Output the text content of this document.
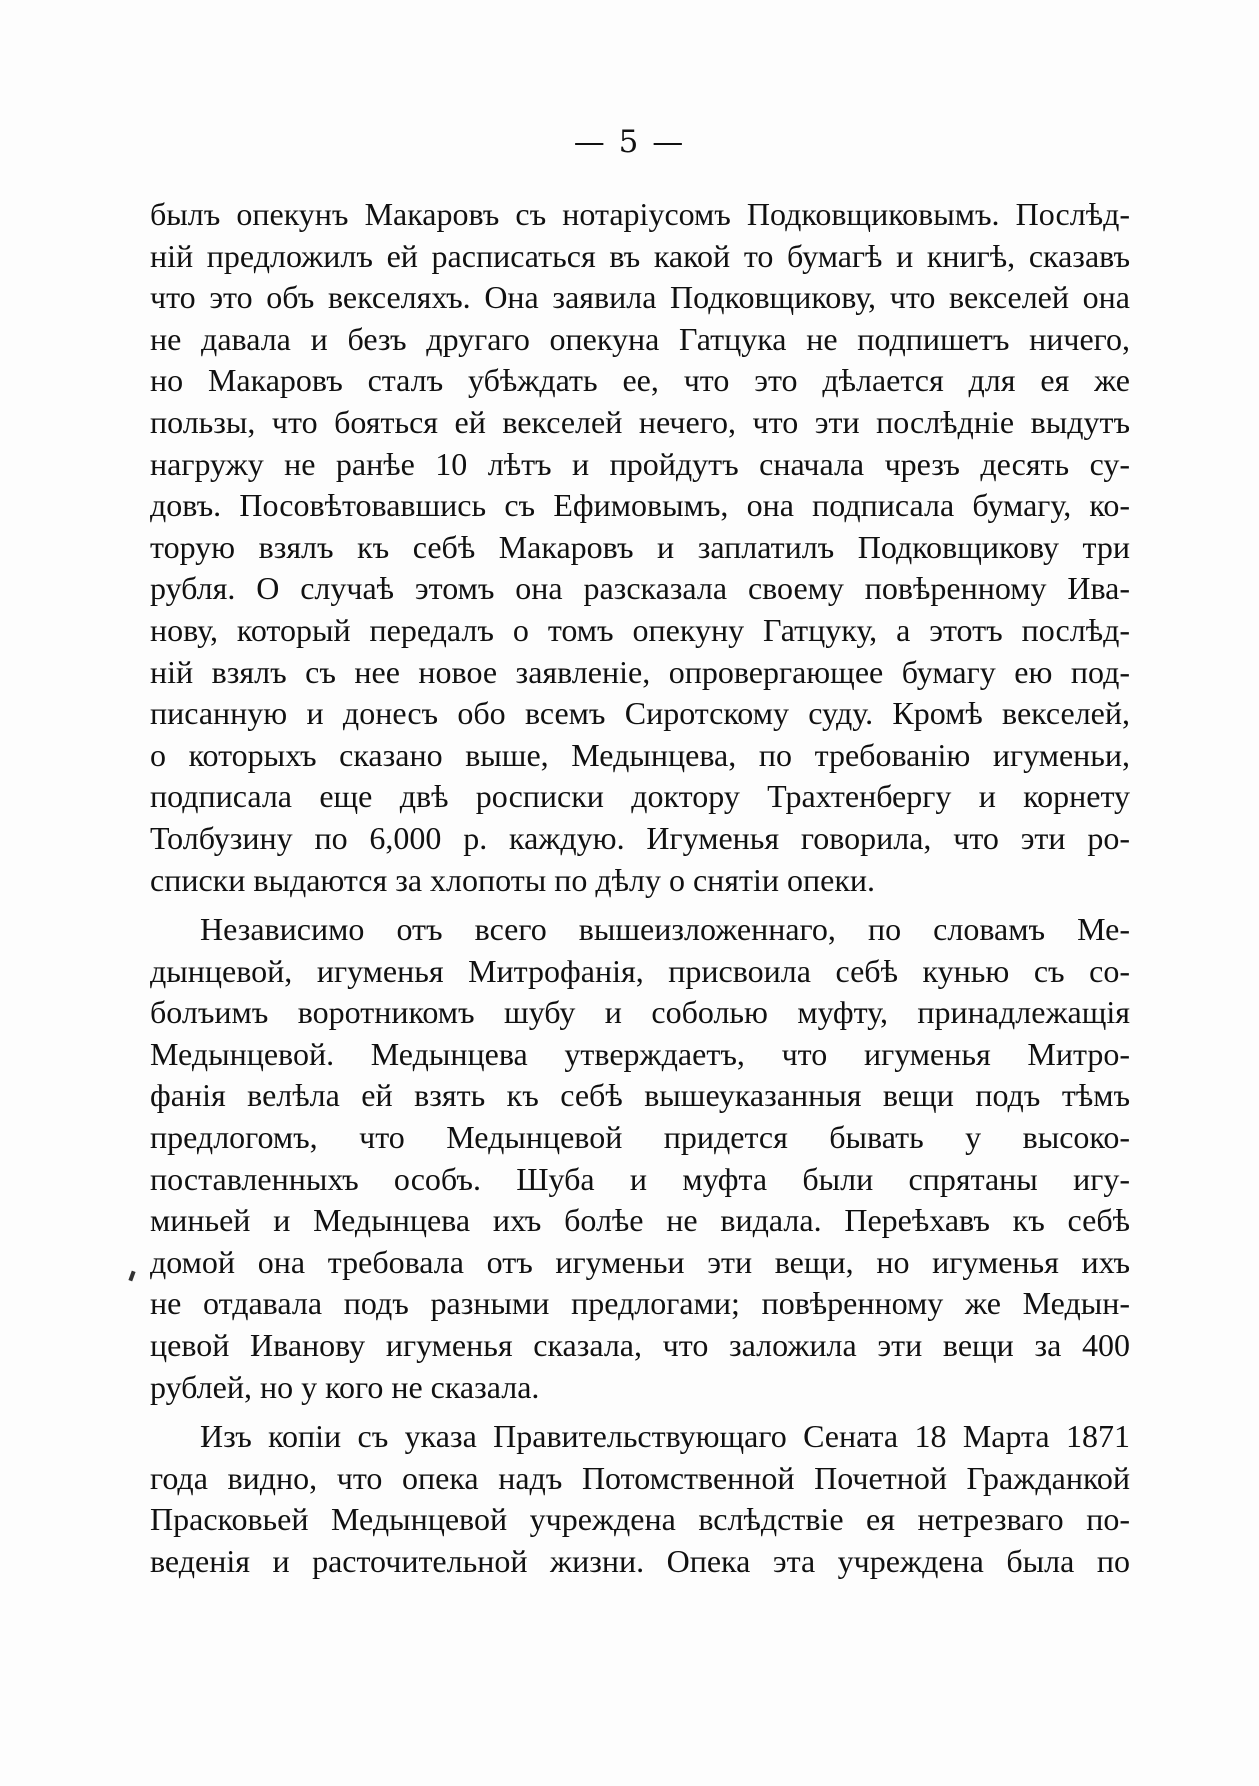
— 5 —
былъ опекунъ Макаровъ съ нотаріусомъ Подковщиковымъ. Послѣд-
ній предложилъ ей расписаться въ какой то бумагѣ и книгѣ, сказавъ
что это объ векселяхъ. Она заявила Подковщикову, что векселей она
не давала и безъ другаго опекуна Гатцука не подпишетъ ничего,
но Макаровъ сталъ убѣждать ее, что это дѣлается для ея же
пользы, что бояться ей векселей нечего, что эти послѣдніе выдутъ
нагружу не ранѣе 10 лѣтъ и пройдутъ сначала чрезъ десять су-
довъ. Посовѣтовавшись съ Ефимовымъ, она подписала бумагу, ко-
торую взялъ къ себѣ Макаровъ и заплатилъ Подковщикову три
рубля. О случаѣ этомъ она разсказала своему повѣренному Ива-
нову, который передалъ о томъ опекуну Гатцуку, а этотъ послѣд-
ній взялъ съ нее новое заявленіе, опровергающее бумагу ею под-
писанную и донесъ обо всемъ Сиротскому суду. Кромѣ векселей,
о которыхъ сказано выше, Медынцева, по требованію игуменьи,
подписала еще двѣ росписки доктору Трахтенбергу и корнету
Толбузину по 6,000 р. каждую. Игуменья говорила, что эти ро-
списки выдаются за хлопоты по дѣлу о снятіи опеки.
Независимо отъ всего вышеизложеннаго, по словамъ Ме-
дынцевой, игуменья Митрофанія, присвоила себѣ кунью съ со-
болъимъ воротникомъ шубу и соболью муфту, принадлежащія
Медынцевой. Медынцева утверждаетъ, что игуменья Митро-
фанія велѣла ей взять къ себѣ вышеуказанныя вещи подъ тѣмъ
предлогомъ, что Медынцевой придется бывать у высоко-
поставленныхъ особъ. Шуба и муфта были спрятаны игу-
миньей и Медынцева ихъ болѣе не видала. Переѣхавъ къ себѣ
домой она требовала отъ игуменьи эти вещи, но игуменья ихъ
не отдавала подъ разными предлогами; повѣренному же Медын-
цевой Иванову игуменья сказала, что заложила эти вещи за 400
рублей, но у кого не сказала.
Изъ копіи съ указа Правительствующаго Сената 18 Марта 1871
года видно, что опека надъ Потомственной Почетной Гражданкой
Прасковьей Медынцевой учреждена вслѣдствіе ея нетрезваго по-
веденія и расточительной жизни. Опека эта учреждена была по
